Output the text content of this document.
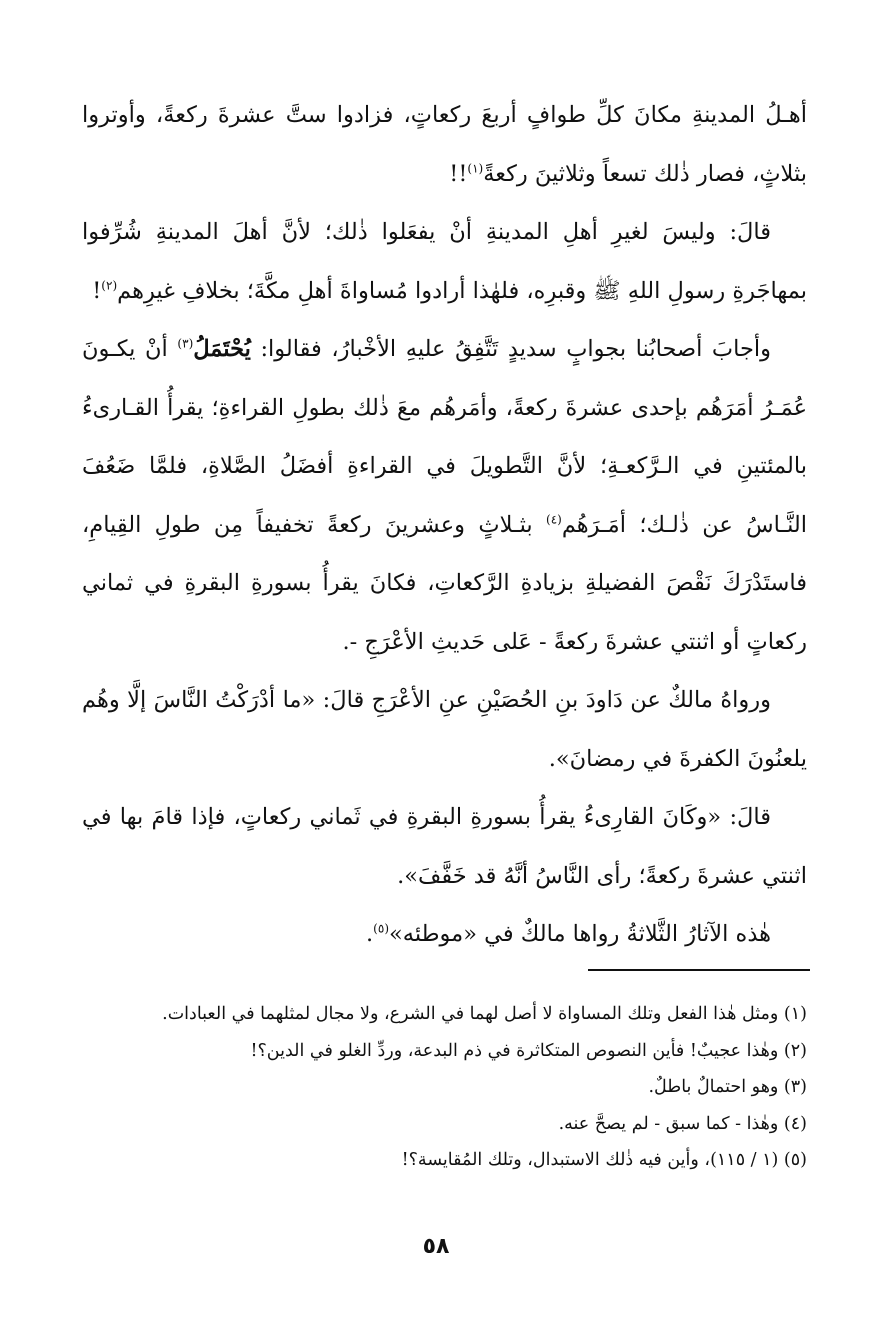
أهـلُ المدينةِ مكانَ كلِّ طوافٍ أربعَ ركعاتٍ، فزادوا ستَّ عشرةَ ركعةً، وأوتروا بثلاثٍ، فصار ذٰلك تسعاً وثلاثينَ ركعةً$^{(١)}$!!

قالَ: وليسَ لغيرِ أهلِ المدينةِ أنْ يفعَلوا ذٰلك؛ لأنَّ أهلَ المدينةِ شُرِّفوا بمهاجَرةِ رسولِ اللهِ ﷺ وقبرِه، فلهٰذا أرادوا مُساواةَ أهلِ مكَّةَ؛ بخلافِ غيرِهم$^{(٢)}$!

وأجابَ أصحابُنا بجوابٍ سديدٍ تَتَّفِقُ عليهِ الأخْبارُ، فقالوا: يُحْتَمَلُ$^{(٣)}$ أنْ يكـونَ عُمَـرُ أمَرَهُم بإحدى عشرةَ ركعةً، وأمَرهُم معَ ذٰلك بطولِ القراءةِ؛ يقرأُ القـارىءُ بالمئتينِ في الـرَّكعـةِ؛ لأنَّ التَّطويلَ في القراءةِ أفضَلُ الصَّلاةِ، فلمَّا ضَعُفَ النَّـاسُ عن ذٰلـك؛ أمَـرَهُم$^{(٤)}$ بثـلاثٍ وعشرينَ ركعةً تخفيفاً مِن طولِ القِيامِ، فاستَدْرَكَ نَقْصَ الفضيلةِ بزيادةِ الرَّكعاتِ، فكانَ يقرأُ بسورةِ البقرةِ في ثماني ركعاتٍ أو اثنتي عشرةَ ركعةً - عَلى حَديثِ الأعْرَجِ -.

ورواهُ مالكٌ عن دَاودَ بنِ الحُصَيْنِ عنِ الأعْرَجِ قالَ: «ما أدْرَكْتُ النَّاسَ إلَّا وهُم يلعنُونَ الكفرةَ في رمضانَ».

قالَ: «وكَانَ القارِىءُ يقرأُ بسورةِ البقرةِ في ثَماني ركعاتٍ، فإذا قامَ بها في اثنتي عشرةَ ركعةً؛ رأى النَّاسُ أنَّهُ قد خَفَّفَ».

هٰذه الآثارُ الثَّلاثةُ رواها مالكٌ في «موطئه»$^{(٥)}$.

(١) ومثل هٰذا الفعل وتلك المساواة لا أصل لهما في الشرع، ولا مجال لمثلهما في العبادات.

(٢) وهٰذا عجيبٌ! فأين النصوص المتكاثرة في ذم البدعة، وردِّ الغلو في الدين؟!

(٣) وهو احتمالٌ باطلٌ.

(٤) وهٰذا - كما سبق - لم يصحَّ عنه.

(٥) (١ / ١١٥)، وأين فيه ذٰلك الاستبدال، وتلك المُقايسة؟!

٥٨
